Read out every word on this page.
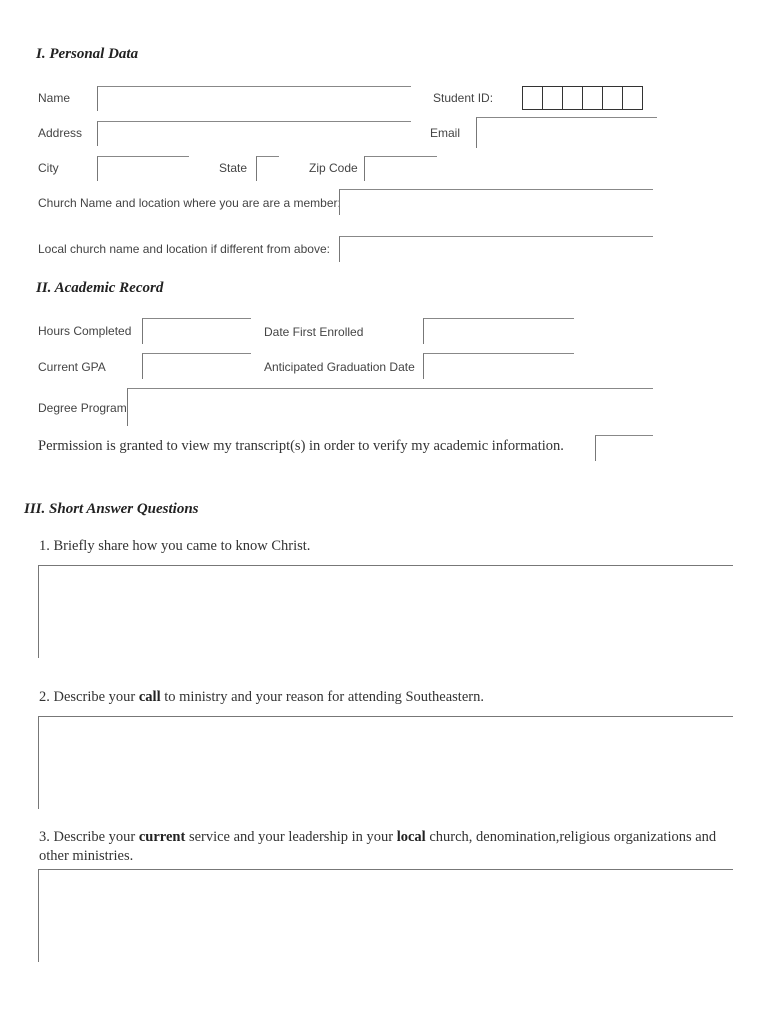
I. Personal Data
Name	Student ID:
Address	Email
City	State	Zip Code
Church Name and location where you are are a member:
Local church name and location if different from above:
II. Academic Record
Hours Completed	Date First Enrolled
Current GPA	Anticipated Graduation Date
Degree Program
Permission is granted to view my transcript(s) in order to verify my academic information.
III. Short Answer Questions
1. Briefly share how you came to know Christ.
2. Describe your call to ministry and your reason for attending Southeastern.
3. Describe your current service and your leadership in your local church, denomination,religious organizations and other ministries.
